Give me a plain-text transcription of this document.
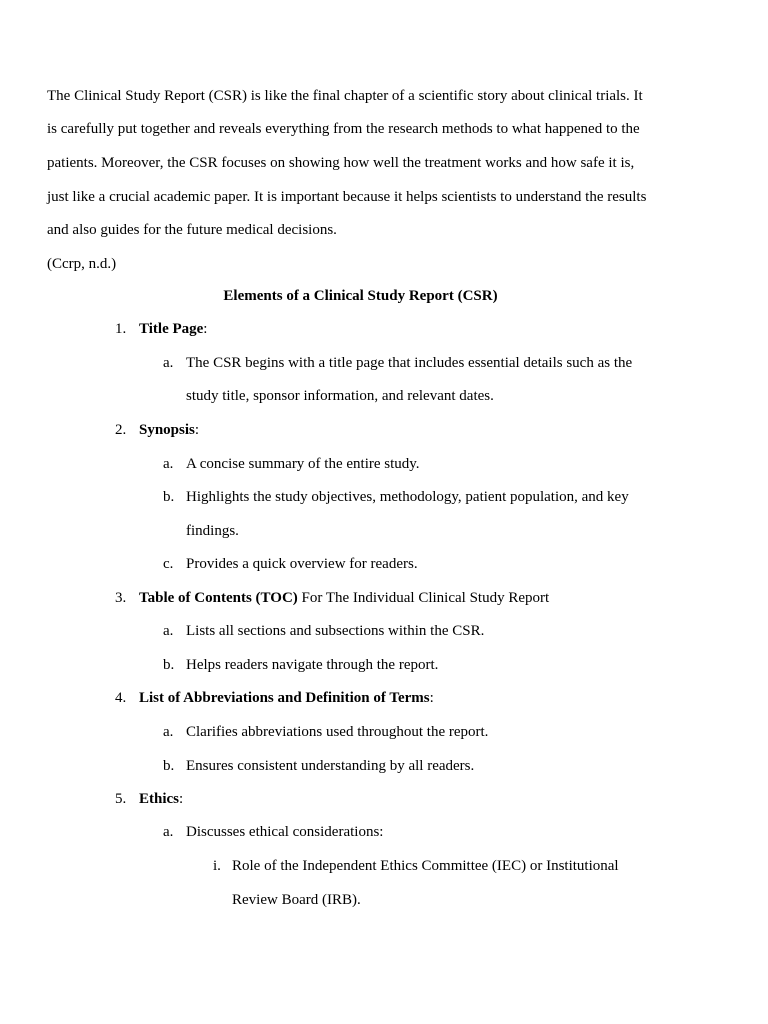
The Clinical Study Report (CSR) is like the final chapter of a scientific story about clinical trials. It
is carefully put together and reveals everything from the research methods to what happened to the
patients. Moreover, the CSR focuses on showing how well the treatment works and how safe it is,
just like a crucial academic paper. It is important because it helps scientists to understand the results
and also guides for the future medical decisions.
(Ccrp, n.d.)
Elements of a Clinical Study Report (CSR)
1. Title Page:
a. The CSR begins with a title page that includes essential details such as the
study title, sponsor information, and relevant dates.
2. Synopsis:
a. A concise summary of the entire study.
b. Highlights the study objectives, methodology, patient population, and key
findings.
c. Provides a quick overview for readers.
3. Table of Contents (TOC) For The Individual Clinical Study Report
a. Lists all sections and subsections within the CSR.
b. Helps readers navigate through the report.
4. List of Abbreviations and Definition of Terms:
a. Clarifies abbreviations used throughout the report.
b. Ensures consistent understanding by all readers.
5. Ethics:
a. Discusses ethical considerations:
i. Role of the Independent Ethics Committee (IEC) or Institutional
Review Board (IRB).
